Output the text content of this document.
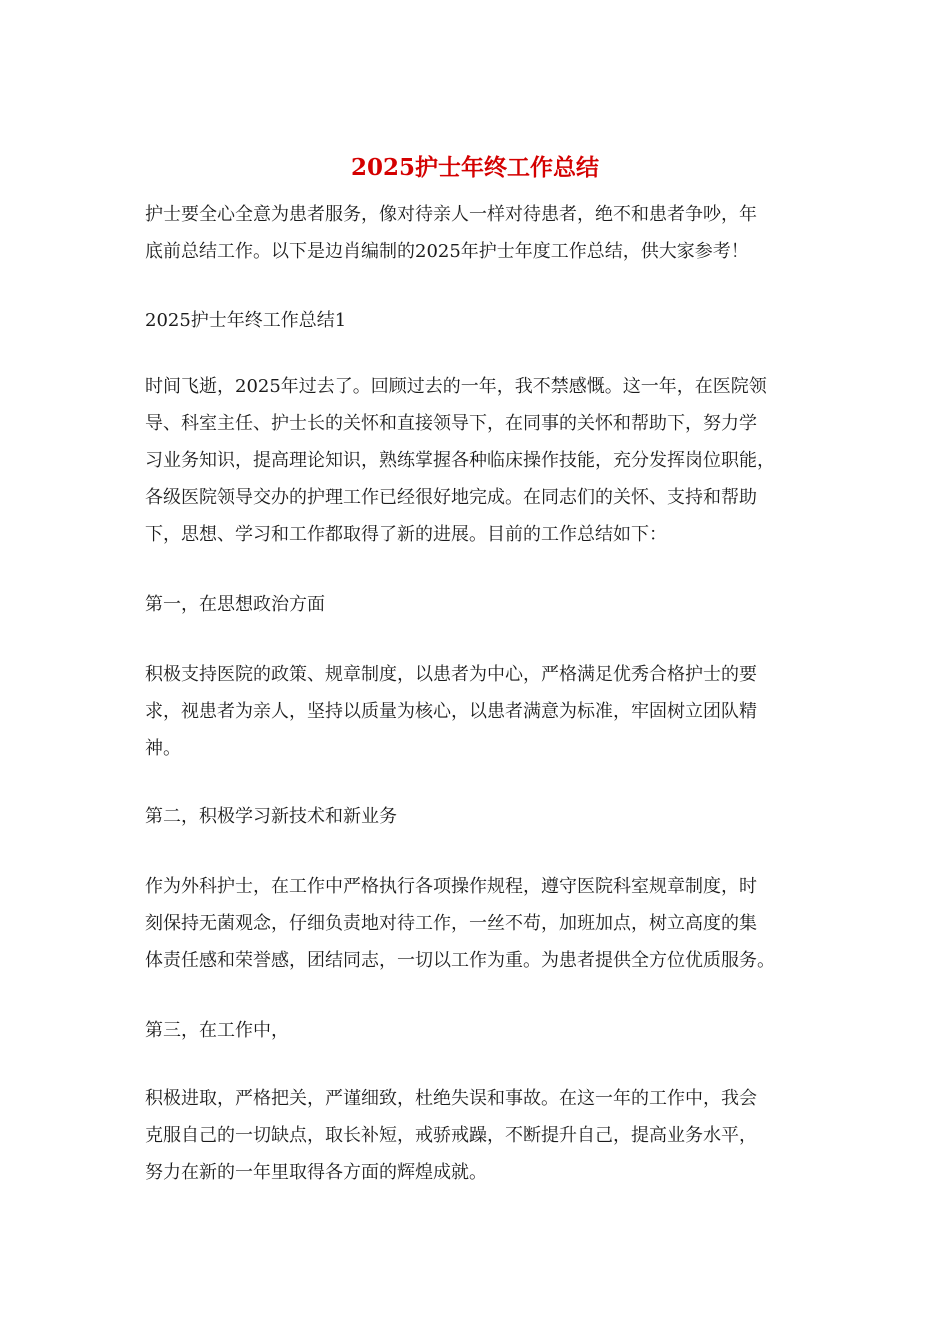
2025护士年终工作总结

护士要全心全意为患者服务，像对待亲人一样对待患者，绝不和患者争吵，年
底前总结工作。以下是边肖编制的2025年护士年度工作总结，供大家参考！

2025护士年终工作总结1

时间飞逝，2025年过去了。回顾过去的一年，我不禁感慨。这一年，在医院领
导、科室主任、护士长的关怀和直接领导下，在同事的关怀和帮助下，努力学
习业务知识，提高理论知识，熟练掌握各种临床操作技能，充分发挥岗位职能，
各级医院领导交办的护理工作已经很好地完成。在同志们的关怀、支持和帮助
下，思想、学习和工作都取得了新的进展。目前的工作总结如下：

第一，在思想政治方面

积极支持医院的政策、规章制度，以患者为中心，严格满足优秀合格护士的要
求，视患者为亲人，坚持以质量为核心，以患者满意为标准，牢固树立团队精
神。

第二，积极学习新技术和新业务

作为外科护士，在工作中严格执行各项操作规程，遵守医院科室规章制度，时
刻保持无菌观念，仔细负责地对待工作，一丝不苟，加班加点，树立高度的集
体责任感和荣誉感，团结同志，一切以工作为重。为患者提供全方位优质服务。

第三，在工作中，

积极进取，严格把关，严谨细致，杜绝失误和事故。在这一年的工作中，我会
克服自己的一切缺点，取长补短，戒骄戒躁，不断提升自己，提高业务水平，
努力在新的一年里取得各方面的辉煌成就。
